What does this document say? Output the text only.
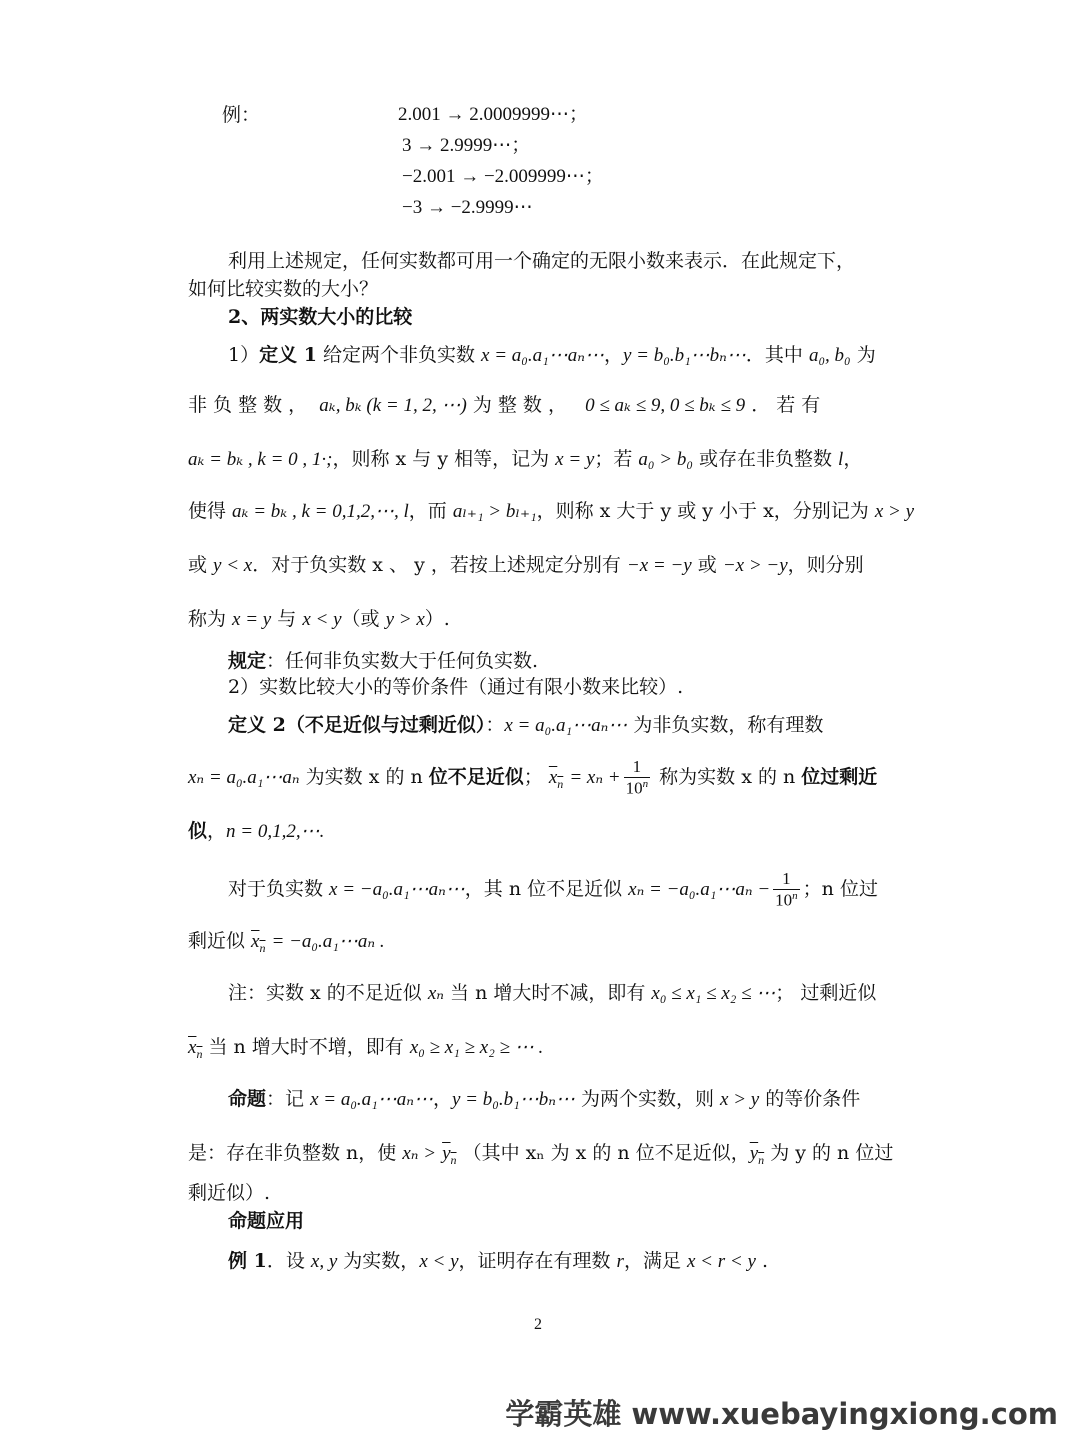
例：	2.001 → 2.0009999⋯；
3 → 2.9999⋯；
−2.001 → −2.009999⋯；
−3 → −2.9999⋯
利用上述规定，任何实数都可用一个确定的无限小数来表示．在此规定下，
如何比较实数的大小？
2、两实数大小的比较
1）定义 1 给定两个非负实数 x = a₀.a₁⋯aₙ⋯，y = b₀.b₁⋯bₙ⋯．其中 a₀, b₀ 为
非 负 整 数 ， aₖ, bₖ (k = 1, 2, ⋯) 为 整 数 ， 0 ≤ aₖ ≤ 9, 0 ≤ bₖ ≤ 9 ． 若 有
aₖ = bₖ , k = 0 , 1·;，则称 x 与 y 相等，记为 x = y；若 a₀ > b₀ 或存在非负整数 l，
使得 aₖ = bₖ , k = 0,1,2,⋯, l，而 aₗ₊₁ > bₗ₊₁，则称 x 大于 y 或 y 小于 x，分别记为 x > y
或 y < x．对于负实数 x 、 y ，若按上述规定分别有 −x = −y 或 −x > −y，则分别
称为 x = y 与 x < y（或 y > x）.
规定：任何非负实数大于任何负实数.
2）实数比较大小的等价条件（通过有限小数来比较）.
定义 2（不足近似与过剩近似）：x = a₀.a₁⋯aₙ⋯ 为非负实数，称有理数
xₙ = a₀.a₁⋯aₙ 为实数 x 的 n 位不足近似； $x_n = x_n + \frac{1}{10^n}$ 称为实数 x 的 n 位过剩近
似，n = 0,1,2,⋯.
对于负实数 x = −a₀.a₁⋯aₙ⋯，其 n 位不足近似 xₙ = −a₀.a₁⋯aₙ − $\frac{1}{10^n}$ ；n 位过
剩近似 $x_n$ = −a₀.a₁⋯aₙ .
注：实数 x 的不足近似 xₙ 当 n 增大时不减，即有 x₀ ≤ x₁ ≤ x₂ ≤ ⋯； 过剩近似
$x_n$ 当 n 增大时不增，即有 x₀ ≥ x₁ ≥ x₂ ≥ ⋯ .
命题：记 x = a₀.a₁⋯aₙ⋯，y = b₀.b₁⋯bₙ⋯ 为两个实数，则 x > y 的等价条件
是：存在非负整数 n，使 $x_n > y_n$ （其中 xₙ 为 x 的 n 位不足近似，$y_n$ 为 y 的 n 位过
剩近似）.
命题应用
例 1．设 x, y 为实数，x < y，证明存在有理数 r，满足 x < r < y .
2
学霸英雄 www.xuebayingxiong.com
